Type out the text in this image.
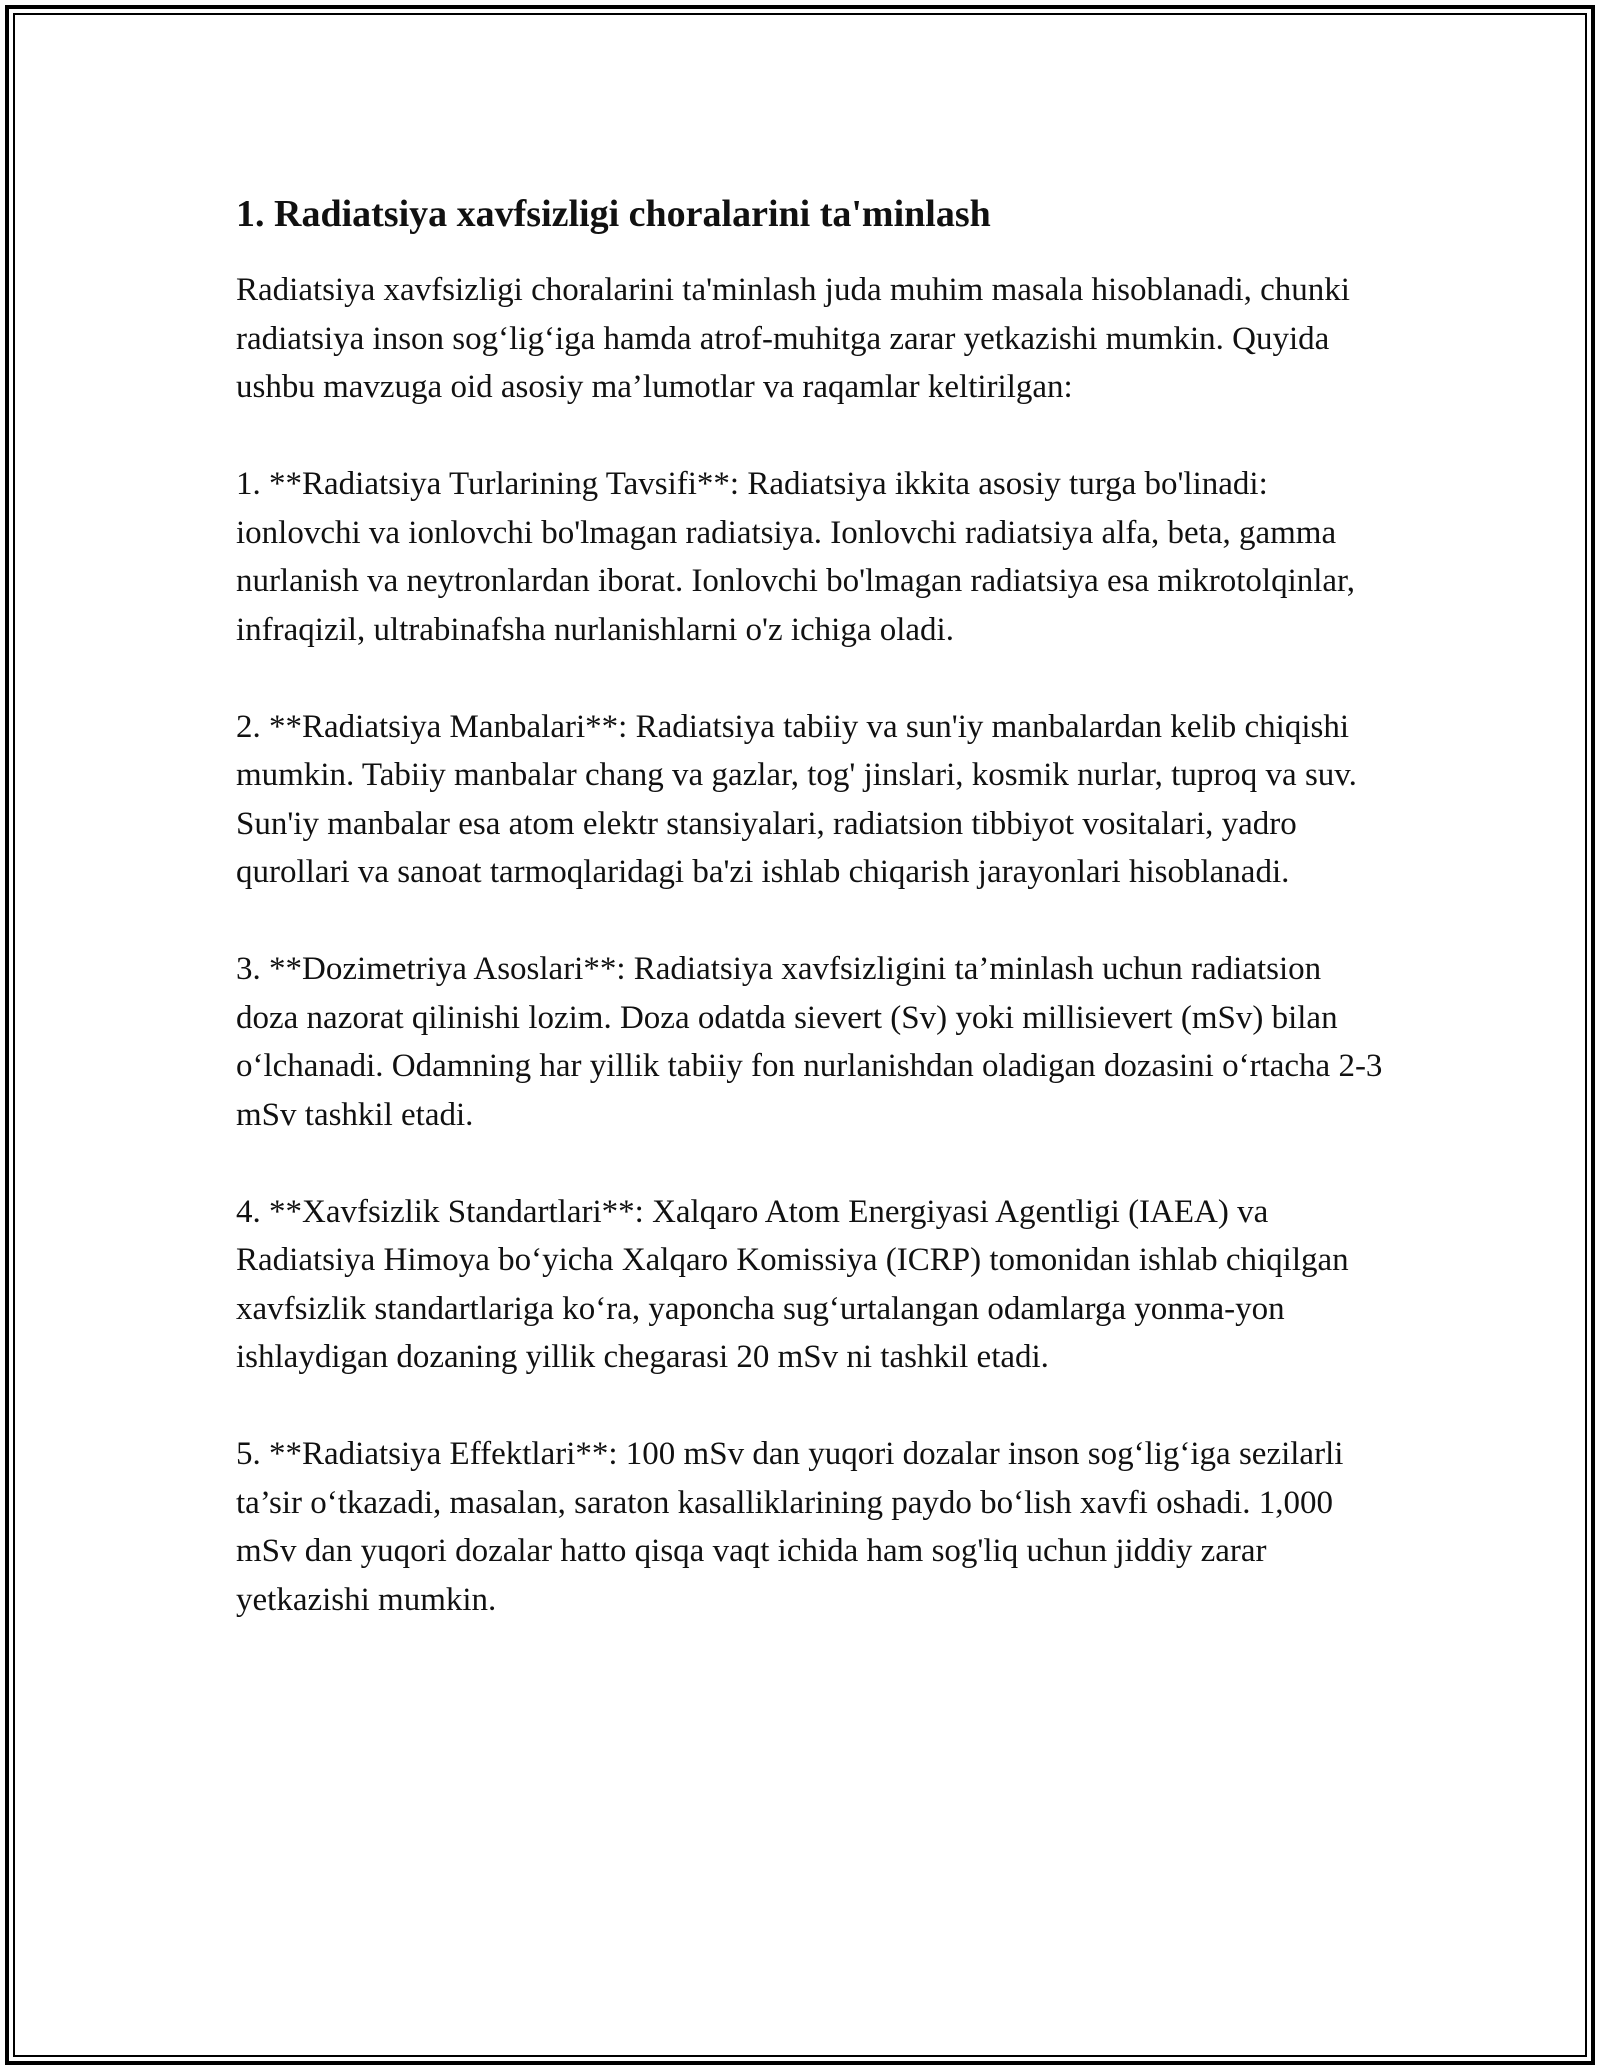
1. Radiatsiya xavfsizligi choralarini ta'minlash

Radiatsiya xavfsizligi choralarini ta'minlash juda muhim masala hisoblanadi, chunki radiatsiya inson sog‘lig‘iga hamda atrof-muhitga zarar yetkazishi mumkin. Quyida ushbu mavzuga oid asosiy ma’lumotlar va raqamlar keltirilgan:

1. **Radiatsiya Turlarining Tavsifi**: Radiatsiya ikkita asosiy turga bo'linadi: ionlovchi va ionlovchi bo'lmagan radiatsiya. Ionlovchi radiatsiya alfa, beta, gamma nurlanish va neytronlardan iborat. Ionlovchi bo'lmagan radiatsiya esa mikrotolqinlar, infraqizil, ultrabinafsha nurlanishlarni o'z ichiga oladi.

2. **Radiatsiya Manbalari**: Radiatsiya tabiiy va sun'iy manbalardan kelib chiqishi mumkin. Tabiiy manbalar chang va gazlar, tog' jinslari, kosmik nurlar, tuproq va suv. Sun'iy manbalar esa atom elektr stansiyalari, radiatsion tibbiyot vositalari, yadro qurollari va sanoat tarmoqlaridagi ba'zi ishlab chiqarish jarayonlari hisoblanadi.

3. **Dozimetriya Asoslari**: Radiatsiya xavfsizligini ta’minlash uchun radiatsion doza nazorat qilinishi lozim. Doza odatda sievert (Sv) yoki millisievert (mSv) bilan o‘lchanadi. Odamning har yillik tabiiy fon nurlanishdan oladigan dozasini o‘rtacha 2-3 mSv tashkil etadi.

4. **Xavfsizlik Standartlari**: Xalqaro Atom Energiyasi Agentligi (IAEA) va Radiatsiya Himoya bo‘yicha Xalqaro Komissiya (ICRP) tomonidan ishlab chiqilgan xavfsizlik standartlariga ko‘ra, yaponcha sug‘urtalangan odamlarga yonma-yon ishlaydigan dozaning yillik chegarasi 20 mSv ni tashkil etadi.

5. **Radiatsiya Effektlari**: 100 mSv dan yuqori dozalar inson sog‘lig‘iga sezilarli ta’sir o‘tkazadi, masalan, saraton kasalliklarining paydo bo‘lish xavfi oshadi. 1,000 mSv dan yuqori dozalar hatto qisqa vaqt ichida ham sog'liq uchun jiddiy zarar yetkazishi mumkin.
